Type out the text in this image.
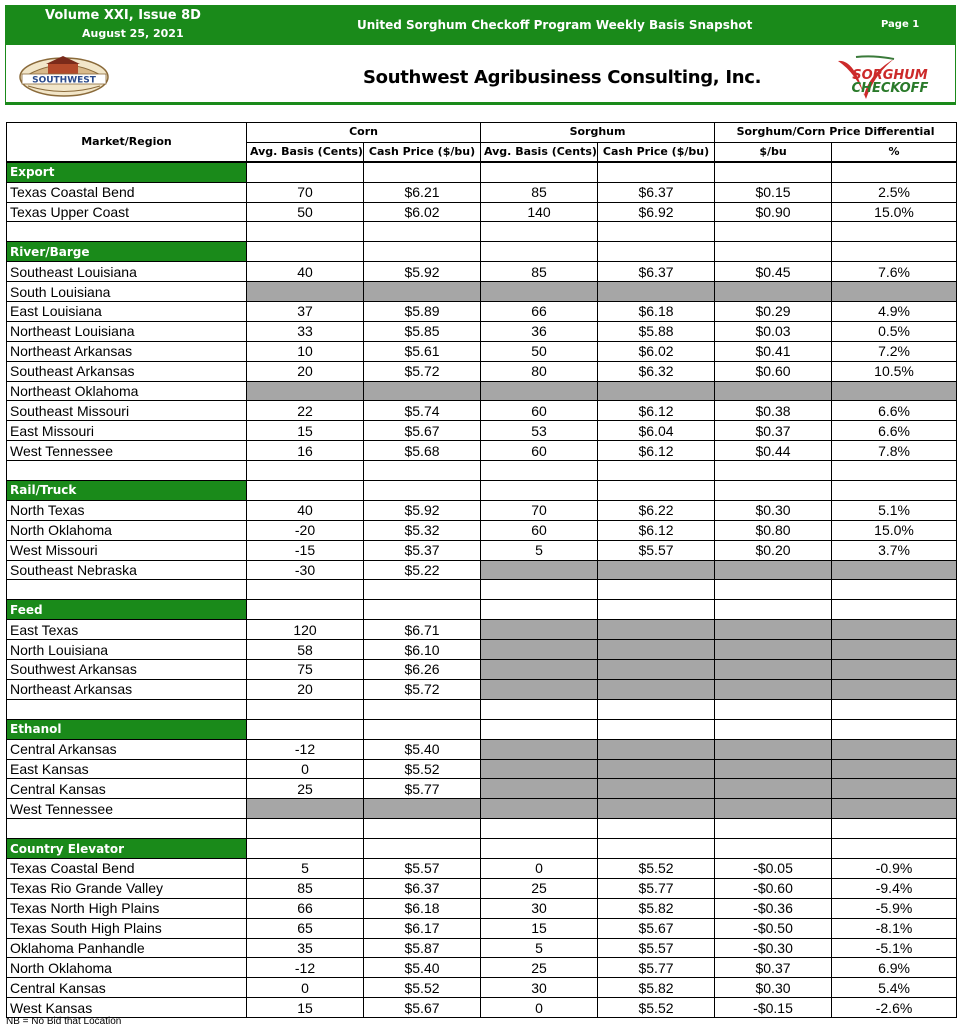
Volume XXI, Issue 8D
August 25, 2021
United Sorghum Checkoff Program Weekly Basis Snapshot	Page 1
SOUTHWEST	Southwest Agribusiness Consulting, Inc.	SORGHUM
CHECKOFF
Market/Region	Corn		Sorghum		Sorghum/Corn Price Differential	
	Avg. Basis (Cents)	Cash Price ($/bu)	Avg. Basis (Cents)	Cash Price ($/bu)	$/bu	%
Export						
Texas Coastal Bend	70	$6.21	85	$6.37	$0.15	2.5%
Texas Upper Coast	50	$6.02	140	$6.92	$0.90	15.0%

River/Barge						
Southeast Louisiana	40	$5.92	85	$6.37	$0.45	7.6%
South Louisiana						
East Louisiana	37	$5.89	66	$6.18	$0.29	4.9%
Northeast Louisiana	33	$5.85	36	$5.88	$0.03	0.5%
Northeast Arkansas	10	$5.61	50	$6.02	$0.41	7.2%
Southeast Arkansas	20	$5.72	80	$6.32	$0.60	10.5%
Northeast Oklahoma						
Southeast Missouri	22	$5.74	60	$6.12	$0.38	6.6%
East Missouri	15	$5.67	53	$6.04	$0.37	6.6%
West Tennessee	16	$5.68	60	$6.12	$0.44	7.8%

Rail/Truck						
North Texas	40	$5.92	70	$6.22	$0.30	5.1%
North Oklahoma	-20	$5.32	60	$6.12	$0.80	15.0%
West Missouri	-15	$5.37	5	$5.57	$0.20	3.7%
Southeast Nebraska	-30	$5.22				

Feed						
East Texas	120	$6.71				
North Louisiana	58	$6.10				
Southwest Arkansas	75	$6.26				
Northeast Arkansas	20	$5.72				

Ethanol						
Central Arkansas	-12	$5.40				
East Kansas	0	$5.52				
Central Kansas	25	$5.77				
West Tennessee						

Country Elevator						
Texas Coastal Bend	5	$5.57	0	$5.52	-$0.05	-0.9%
Texas Rio Grande Valley	85	$6.37	25	$5.77	-$0.60	-9.4%
Texas North High Plains	66	$6.18	30	$5.82	-$0.36	-5.9%
Texas South High Plains	65	$6.17	15	$5.67	-$0.50	-8.1%
Oklahoma Panhandle	35	$5.87	5	$5.57	-$0.30	-5.1%
North Oklahoma	-12	$5.40	25	$5.77	$0.37	6.9%
Central Kansas	0	$5.52	30	$5.82	$0.30	5.4%
West Kansas	15	$5.67	0	$5.52	-$0.15	-2.6%
NB = No Bid that Location
